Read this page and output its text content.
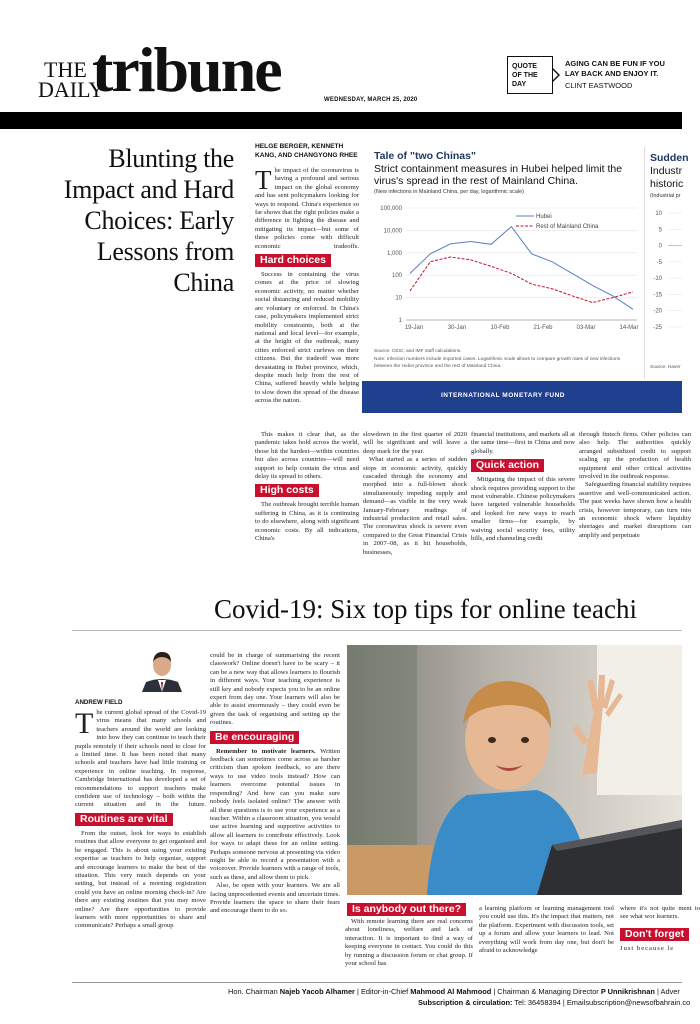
THE
DAILY
tribune	WEDNESDAY, MARCH 25, 2020
QUOTE OF THE DAY
AGING CAN BE FUN IF YOU LAY BACK AND ENJOY IT.
CLINT EASTWOOD
Blunting the Impact and Hard Choices: Early Lessons from China
HELGE BERGER, KENNETH KANG, AND CHANGYONG RHEE
T he impact of the coronavirus is having a profound and serious impact on the global economy and has sent policymakers looking for ways to respond. China's experience so far shows that the right policies make a difference in fighting the disease and mitigating its impact—but some of these policies come with difficult economic tradeoffs. Hard choices

Success in containing the virus comes at the price of slowing economic activity, no matter whether social distancing and reduced mobility are voluntary or enforced. In China's case, policymakers implemented strict mobility constraints, both at the national and local level—for example, at the height of the outbreak, many cities enforced strict curfews on their citizens. But the tradeoff was more devastating in Hubei province, which, despite much help from the rest of China, suffered heavily while helping to slow down the spread of the disease across the nation.

Tale of "two Chinas"
Strict containment measures in Hubei helped limit the virus's spread in the rest of Mainland China.
(New infections in Mainland China, per day, logarithmic scale)
100,000
10,000
1,000
100
10
1
19-Jan	30-Jan	10-Feb	21-Feb	03-Mar	14-Mar
Hubei
Rest of Mainland China
Source: CEIC; and IMF staff calculations.
Note: Infection numbers include imported cases. Logarithmic scale allows to compare growth rates of new infections between the Hubei province and the rest of Mainland China.
Sudden
Industr
historic
(Industrial pr
10
5
0
-5
-10
-15
-20
-25
Source: Haver
INTERNATIONAL MONETARY FUND

This makes it clear that, as the pandemic takes hold across the world, those hit the hardest—within countries but also across countries—will need support to help contain the virus and delay its spread to others.

High costs

The outbreak brought terrible human suffering in China, as it is continuing to do elsewhere, along with significant economic costs. By all indications, China's

slowdown in the first quarter of 2020 will be significant and will leave a deep mark for the year.

What started as a series of sudden stops in economic activity, quickly cascaded through the economy and morphed into a full-blown shock simultaneously impeding supply and demand—as visible in the very weak January-February readings of industrial production and retail sales. The coronavirus shock is severe even compared to the Great Financial Crisis in 2007–08, as it hit households, businesses,

financial institutions, and markets all at the same time—first in China and now globally.

Quick action

Mitigating the impact of this severe shock requires providing support to the most vulnerable. Chinese policymakers have targeted vulnerable households and looked for new ways to reach smaller firms—for example, by waiving social security fees, utility bills, and channeling credit

through fintech firms. Other policies can also help. The authorities quickly arranged subsidized credit to support scaling up the production of health equipment and other critical activities involved in the outbreak response.

Safeguarding financial stability requires assertive and well-communicated action. The past weeks have shown how a health crisis, however temporary, can turn into an economic shock where liquidity shortages and market disruptions can amplify and perpetuate

Covid-19: Six top tips for online teachi
ANDREW FIELD
T he current global spread of the Covid-19 virus means that many schools and teachers around the world are looking into how they can continue to teach their pupils remotely if their schools need to close for a limited time. It has been noted that many schools and teachers have had little training or experience in online teaching. In response, Cambridge International has developed a set of recommendations to support teachers make confident use of technology – both within the current situation and in the future. Routines are vital

From the outset, look for ways to establish routines that allow everyone to get organised and be engaged. This is about using your existing expertise as teachers to help organise, support and encourage learners to make the best of the situation. This very much depends on your setting, but instead of a morning registration could you have an online morning check-in? Are there any existing routines that you may move online? Are there opportunities to provide learners with more opportunities to share and communicate? Perhaps a small group

could be in charge of summarising the recent classwork? Online doesn't have to be scary – it can be a new way that allows learners to flourish in different ways. Your teaching experience is still key and nobody expects you to be an online expert from day one. Your learners will also be able to assist enormously – they could even be given the task of organising and setting up the routines.

Be encouraging

Remember to motivate learners. Written feedback can sometimes come across as harsher criticism than spoken feedback, so are there ways to use video tools instead? How can learners overcome potential issues in responding? And how can you make sure nobody feels isolated online? The answer with all these questions is to use your experience as a teacher. Within a classroom situation, you would use active learning and supportive activities to allow all learners to contribute effectively. Look for ways to adapt these for an online setting. Perhaps someone nervous at presenting via video might be able to record a presentation with a voiceover. Provide learners with a range of tools, such as these, and allow them to pick.

Also, be open with your learners. We are all facing unprecedented events and uncertain times. Provide learners the space to share their fears and encourage them to do so.	Is anybody out there?

With remote learning there are real concerns about loneliness, welfare and lack of interaction. It is important to find a way of keeping everyone in contact. You could do this by running a discussion forum or chat group. If your school has

a learning platform or learning management tool you could use this. It's the impact that matters, not the platform. Experiment with discussion tools, set up a forum and allow your learners to lead. Not everything will work from day one, but don't be afraid to acknowledge

where it's not quite ment to see what wor learners.

Don't forget

Just because le

Hon. Chairman Najeb Yacob Alhamer | Editor-in-Chief Mahmood Al Mahmood | Chairman & Managing Director P Unnikrishnan | Adver
Subscription & circulation: Tel: 36458394 | Emailsubscription@newsofbahrain.co
